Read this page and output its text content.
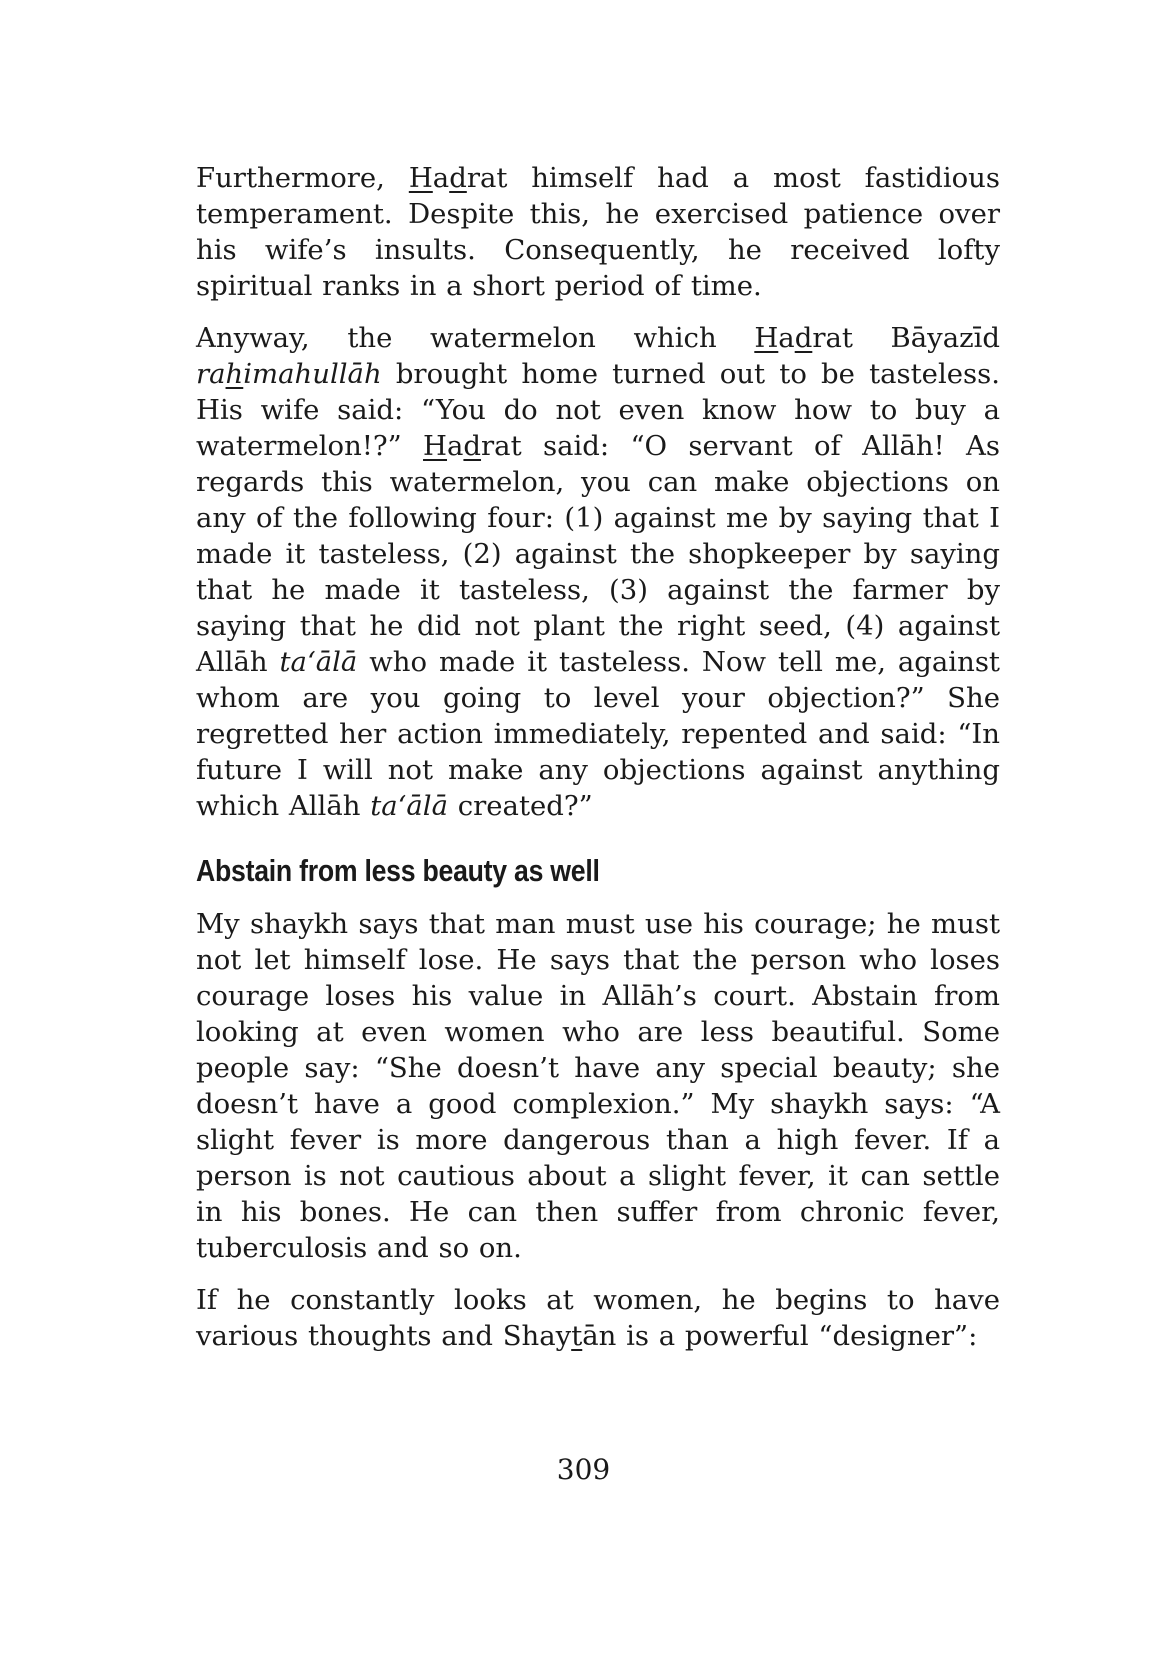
Furthermore, Hadrat himself had a most fastidious temperament. Despite this, he exercised patience over his wife’s insults. Consequently, he received lofty spiritual ranks in a short period of time.

Anyway, the watermelon which Hadrat Bāyazīd rahimahullāh brought home turned out to be tasteless. His wife said: “You do not even know how to buy a watermelon!?” Hadrat said: “O servant of Allāh! As regards this watermelon, you can make objections on any of the following four: (1) against me by saying that I made it tasteless, (2) against the shopkeeper by saying that he made it tasteless, (3) against the farmer by saying that he did not plant the right seed, (4) against Allāh ta‘ālā who made it tasteless. Now tell me, against whom are you going to level your objection?” She regretted her action immediately, repented and said: “In future I will not make any objections against anything which Allāh ta‘ālā created?”

Abstain from less beauty as well

My shaykh says that man must use his courage; he must not let himself lose. He says that the person who loses courage loses his value in Allāh’s court. Abstain from looking at even women who are less beautiful. Some people say: “She doesn’t have any special beauty; she doesn’t have a good complexion.” My shaykh says: “A slight fever is more dangerous than a high fever. If a person is not cautious about a slight fever, it can settle in his bones. He can then suffer from chronic fever, tuberculosis and so on.

If he constantly looks at women, he begins to have various thoughts and Shaytān is a powerful “designer”:

309
